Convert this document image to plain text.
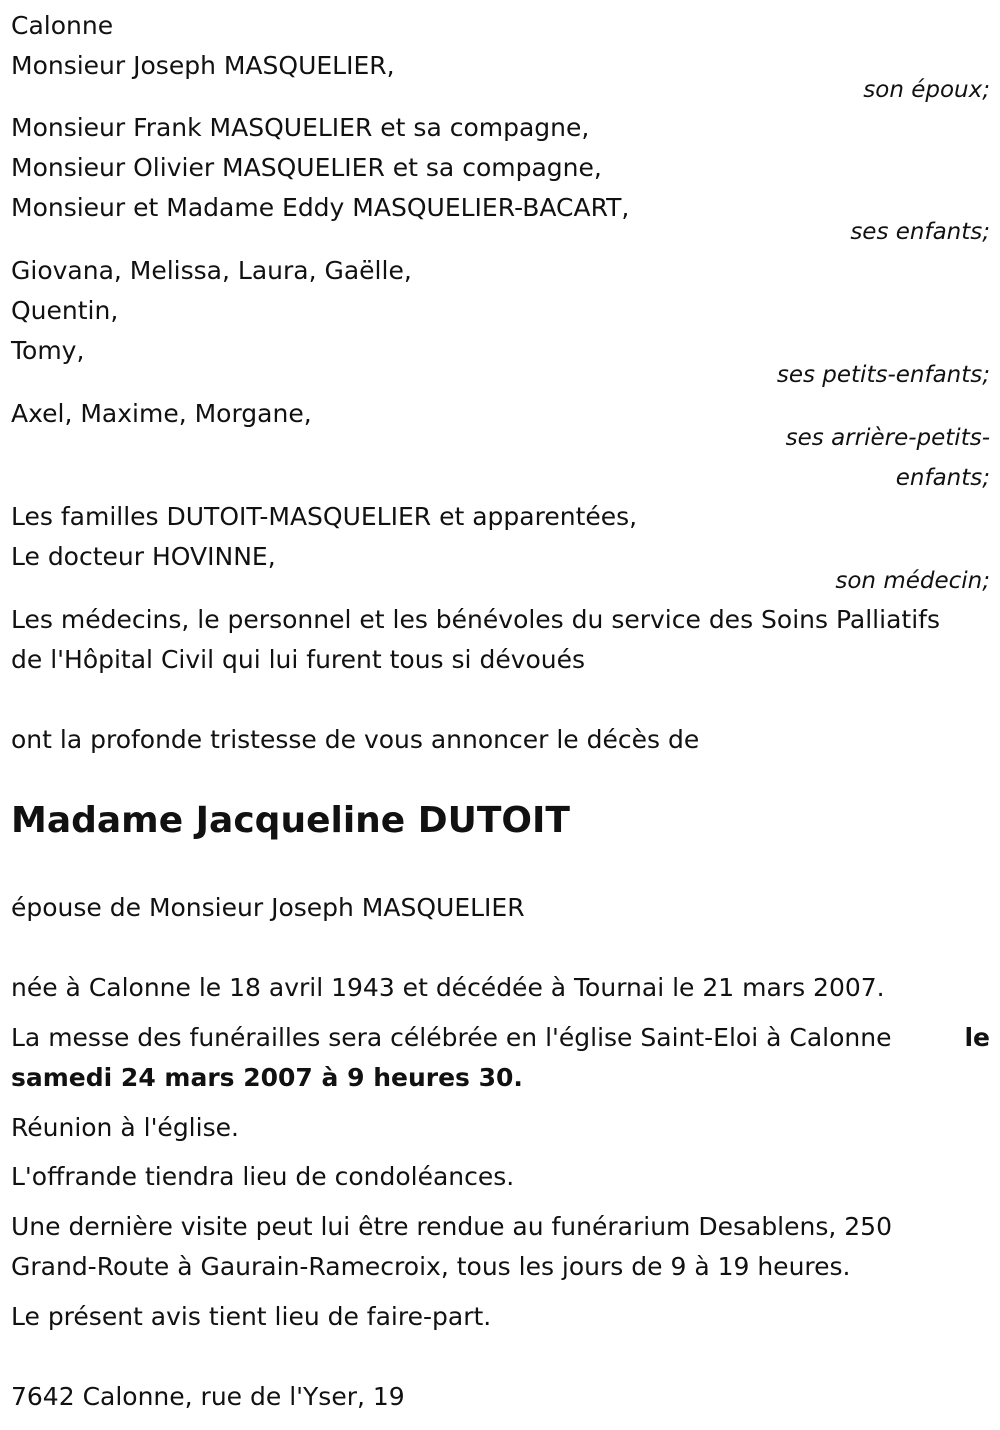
Calonne
Monsieur Joseph MASQUELIER,
son époux;
Monsieur Frank MASQUELIER et sa compagne,
Monsieur Olivier MASQUELIER et sa compagne,
Monsieur et Madame Eddy MASQUELIER-BACART,
ses enfants;
Giovana, Melissa, Laura, Gaëlle,
Quentin,
Tomy,
ses petits-enfants;
Axel, Maxime, Morgane,
ses arrière-petits-
enfants;
Les familles DUTOIT-MASQUELIER et apparentées,
Le docteur HOVINNE,
son médecin;
Les médecins, le personnel et les bénévoles du service des Soins Palliatifs
de l'Hôpital Civil qui lui furent tous si dévoués
ont la profonde tristesse de vous annoncer le décès de
Madame Jacqueline DUTOIT
épouse de Monsieur Joseph MASQUELIER
née à Calonne le 18 avril 1943 et décédée à Tournai le 21 mars 2007.
La messe des funérailles sera célébrée en l'église Saint-Eloi à Calonne	le
samedi 24 mars 2007 à 9 heures 30.
Réunion à l'église.
L'offrande tiendra lieu de condoléances.
Une dernière visite peut lui être rendue au funérarium Desablens, 250
Grand-Route à Gaurain-Ramecroix, tous les jours de 9 à 19 heures.
Le présent avis tient lieu de faire-part.
7642 Calonne, rue de l'Yser, 19
